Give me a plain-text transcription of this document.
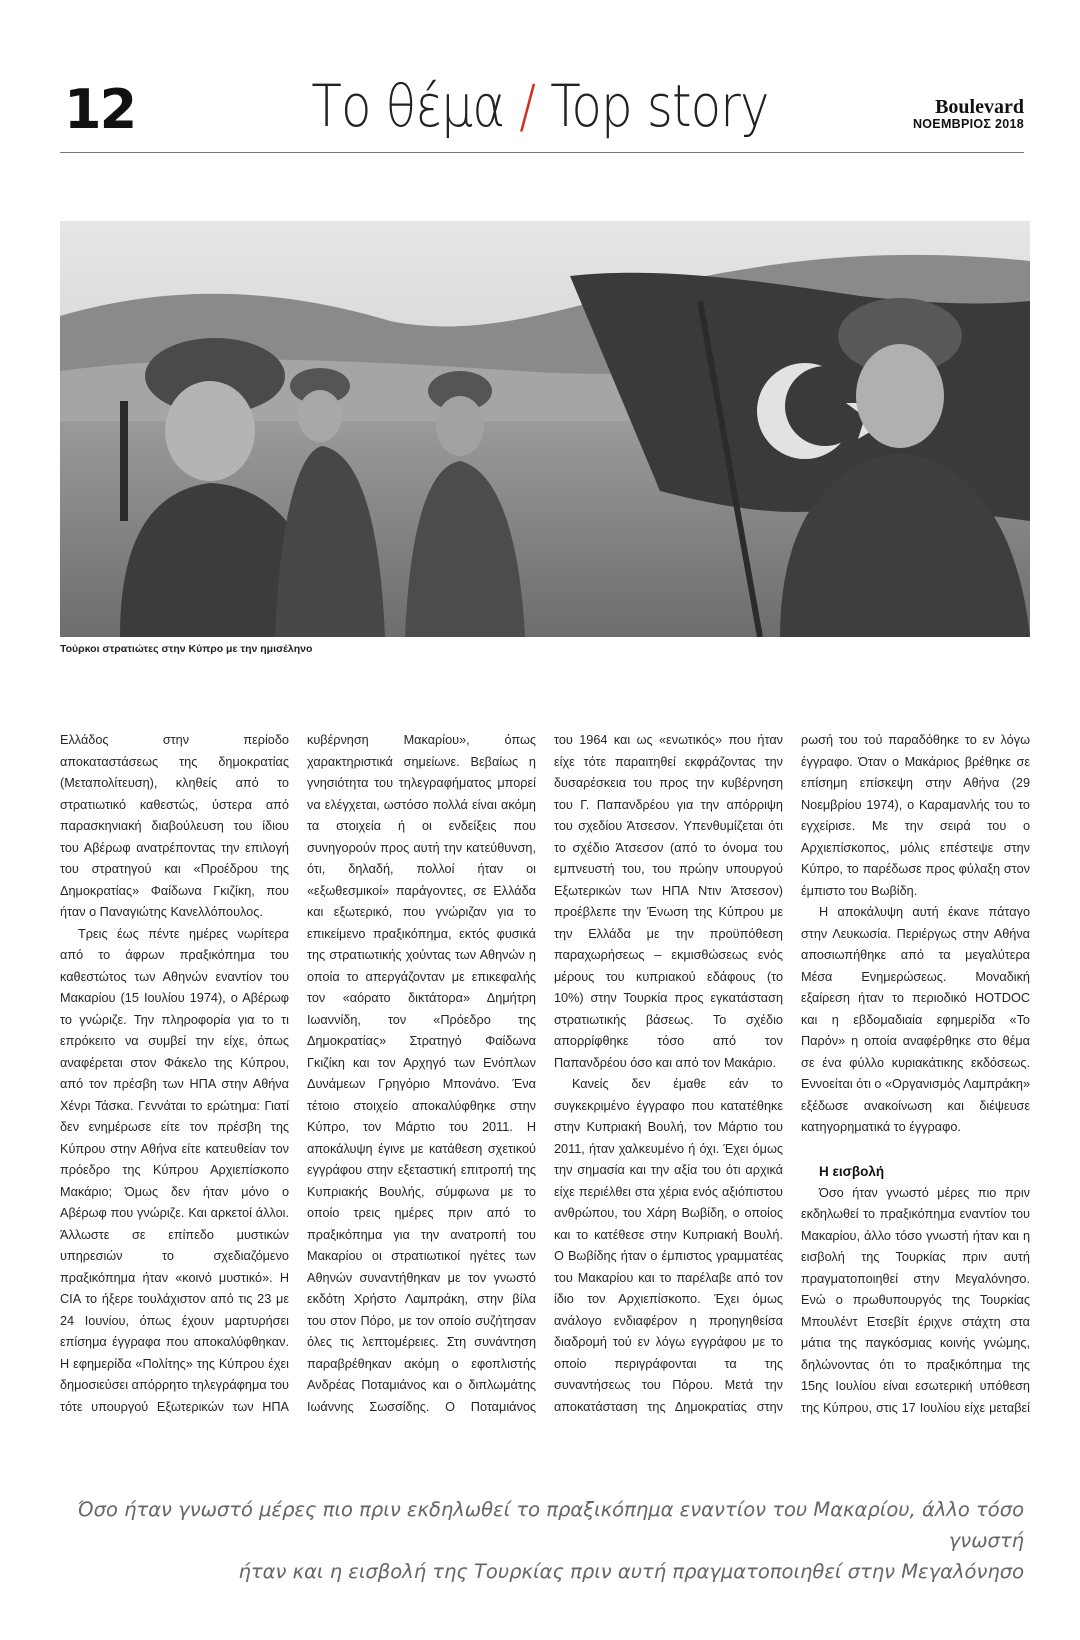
12	Το θέμα / Top story	Boulevard
ΝΟΕΜΒΡΙΟΣ 2018
Τούρκοι στρατιώτες στην Κύπρο με την ημισέληνο

Ελλάδος στην περίοδο αποκαταστάσεως της δημοκρατίας (Μεταπολίτευση), κληθείς από το στρατιωτικό καθεστώς, ύστερα από παρασκηνιακή διαβούλευση του ίδιου του Αβέρωφ ανατρέποντας την επιλογή του στρατηγού και «Προέδρου της Δημοκρατίας» Φαίδωνα Γκιζίκη, που ήταν ο Παναγιώτης Κανελλόπουλος.

Τρεις έως πέντε ημέρες νωρίτερα από το άφρων πραξικόπημα του καθεστώτος των Αθηνών εναντίον του Μακαρίου (15 Ιουλίου 1974), ο Αβέρωφ το γνώριζε. Την πληροφορία για το τι επρόκειτο να συμβεί την είχε, όπως αναφέρεται στον Φάκελο της Κύπρου, από τον πρέσβη των ΗΠΑ στην Αθήνα Χένρι Τάσκα. Γεννάται το ερώτημα: Γιατί δεν ενημέρωσε είτε τον πρέσβη της Κύπρου στην Αθήνα είτε κατευθείαν τον πρόεδρο της Κύπρου Αρχιεπίσκοπο Μακάριο; Όμως δεν ήταν μόνο ο Αβέρωφ που γνώριζε. Και αρκετοί άλλοι. Άλλωστε σε επίπεδο μυστικών υπηρεσιών το σχεδιαζόμενο πραξικόπημα ήταν «κοινό μυστικό». Η CIA το ήξερε τουλάχιστον από τις 23 με 24 Ιουνίου, όπως έχουν μαρτυρήσει επίσημα έγγραφα που αποκαλύφθηκαν. Η εφημερίδα «Πολίτης» της Κύπρου έχει δημοσιεύσει απόρρητο τηλεγράφημα του τότε υπουργού Εξωτερικών των ΗΠΑ

κυβέρνηση Μακαρίου», όπως χαρακτηριστικά σημείωνε. Βεβαίως η γνησιότητα του τηλεγραφήματος μπορεί να ελέγχεται, ωστόσο πολλά είναι ακόμη τα στοιχεία ή οι ενδείξεις που συνηγορούν προς αυτή την κατεύθυνση, ότι, δηλαδή, πολλοί ήταν οι «εξωθεσμικοί» παράγοντες, σε Ελλάδα και εξωτερικό, που γνώριζαν για το επικείμενο πραξικόπημα, εκτός φυσικά της στρατιωτικής χούντας των Αθηνών η οποία το απεργάζονταν με επικεφαλής τον «αόρατο δικτάτορα» Δημήτρη Ιωαννίδη, τον «Πρόεδρο της Δημοκρατίας» Στρατηγό Φαίδωνα Γκιζίκη και τον Αρχηγό των Ενόπλων Δυνάμεων Γρηγόριο Μπονάνο. Ένα τέτοιο στοιχείο αποκαλύφθηκε στην Κύπρο, τον Μάρτιο του 2011. Η αποκάλυψη έγινε με κατάθεση σχετικού εγγράφου στην εξεταστική επιτροπή της Κυπριακής Βουλής, σύμφωνα με το οποίο τρεις ημέρες πριν από το πραξικόπημα για την ανατροπή του Μακαρίου οι στρατιωτικοί ηγέτες των Αθηνών συναντήθηκαν με τον γνωστό εκδότη Χρήστο Λαμπράκη, στην βίλα του στον Πόρο, με τον οποίο συζήτησαν όλες τις λεπτομέρειες. Στη συνάντηση παραβρέθηκαν ακόμη ο εφοπλιστής Ανδρέας Ποταμιάνος και ο διπλωμάτης Ιωάννης Σωσσίδης. Ο Ποταμιάνος

του 1964 και ως «ενωτικός» που ήταν είχε τότε παραιτηθεί εκφράζοντας την δυσαρέσκεια του προς την κυβέρνηση του Γ. Παπανδρέου για την απόρριψη του σχεδίου Άτσεσον. Υπενθυμίζεται ότι το σχέδιο Άτσεσον (από το όνομα του εμπνευστή του, του πρώην υπουργού Εξωτερικών των ΗΠΑ Ντιν Άτσεσον) προέβλεπε την Ένωση της Κύπρου με την Ελλάδα με την προϋπόθεση παραχωρήσεως – εκμισθώσεως ενός μέρους του κυπριακού εδάφους (το 10%) στην Τουρκία προς εγκατάσταση στρατιωτικής βάσεως. Το σχέδιο απορρίφθηκε τόσο από τον Παπανδρέου όσο και από τον Μακάριο.

Κανείς δεν έμαθε εάν το συγκεκριμένο έγγραφο που κατατέθηκε στην Κυπριακή Βουλή, τον Μάρτιο του 2011, ήταν χαλκευμένο ή όχι. Έχει όμως την σημασία και την αξία του ότι αρχικά είχε περιέλθει στα χέρια ενός αξιόπιστου ανθρώπου, του Χάρη Βωβίδη, ο οποίος και το κατέθεσε στην Κυπριακή Βουλή. Ο Βωβίδης ήταν ο έμπιστος γραμματέας του Μακαρίου και το παρέλαβε από τον ίδιο τον Αρχιεπίσκοπο. Έχει όμως ανάλογο ενδιαφέρον η προηγηθείσα διαδρομή τού εν λόγω εγγράφου με το οποίο περιγράφονται τα της συναντήσεως του Πόρου. Μετά την αποκατάσταση της Δημοκρατίας στην

ρωσή του τού παραδόθηκε το εν λόγω έγγραφο. Όταν ο Μακάριος βρέθηκε σε επίσημη επίσκεψη στην Αθήνα (29 Νοεμβρίου 1974), ο Καραμανλής του το εγχείρισε. Με την σειρά του ο Αρχιεπίσκοπος, μόλις επέστεψε στην Κύπρο, το παρέδωσε προς φύλαξη στον έμπιστο του Βωβίδη.

Η αποκάλυψη αυτή έκανε πάταγο στην Λευκωσία. Περιέργως στην Αθήνα αποσιωπήθηκε από τα μεγαλύτερα Μέσα Ενημερώσεως. Μοναδική εξαίρεση ήταν το περιοδικό HOTDOC και η εβδομαδιαία εφημερίδα «Το Παρόν» η οποία αναφέρθηκε στο θέμα σε ένα φύλλο κυριακάτικης εκδόσεως. Εννοείται ότι ο «Οργανισμός Λαμπράκη» εξέδωσε ανακοίνωση και διέψευσε κατηγορηματικά το έγγραφο.

Η εισβολή

Όσο ήταν γνωστό μέρες πιο πριν εκδηλωθεί το πραξικόπημα εναντίον του Μακαρίου, άλλο τόσο γνωστή ήταν και η εισβολή της Τουρκίας πριν αυτή πραγματοποιηθεί στην Μεγαλόνησο. Ενώ ο πρωθυπουργός της Τουρκίας Μπουλέντ Ετσεβίτ έριχνε στάχτη στα μάτια της παγκόσμιας κοινής γνώμης, δηλώνοντας ότι το πραξικόπημα της 15ης Ιουλίου είναι εσωτερική υπόθεση της Κύπρου, στις 17 Ιουλίου είχε μεταβεί

Όσο ήταν γνωστό μέρες πιο πριν εκδηλωθεί το πραξικόπημα εναντίον του Μακαρίου, άλλο τόσο γνωστή
ήταν και η εισβολή της Τουρκίας πριν αυτή πραγματοποιηθεί στην Μεγαλόνησο
